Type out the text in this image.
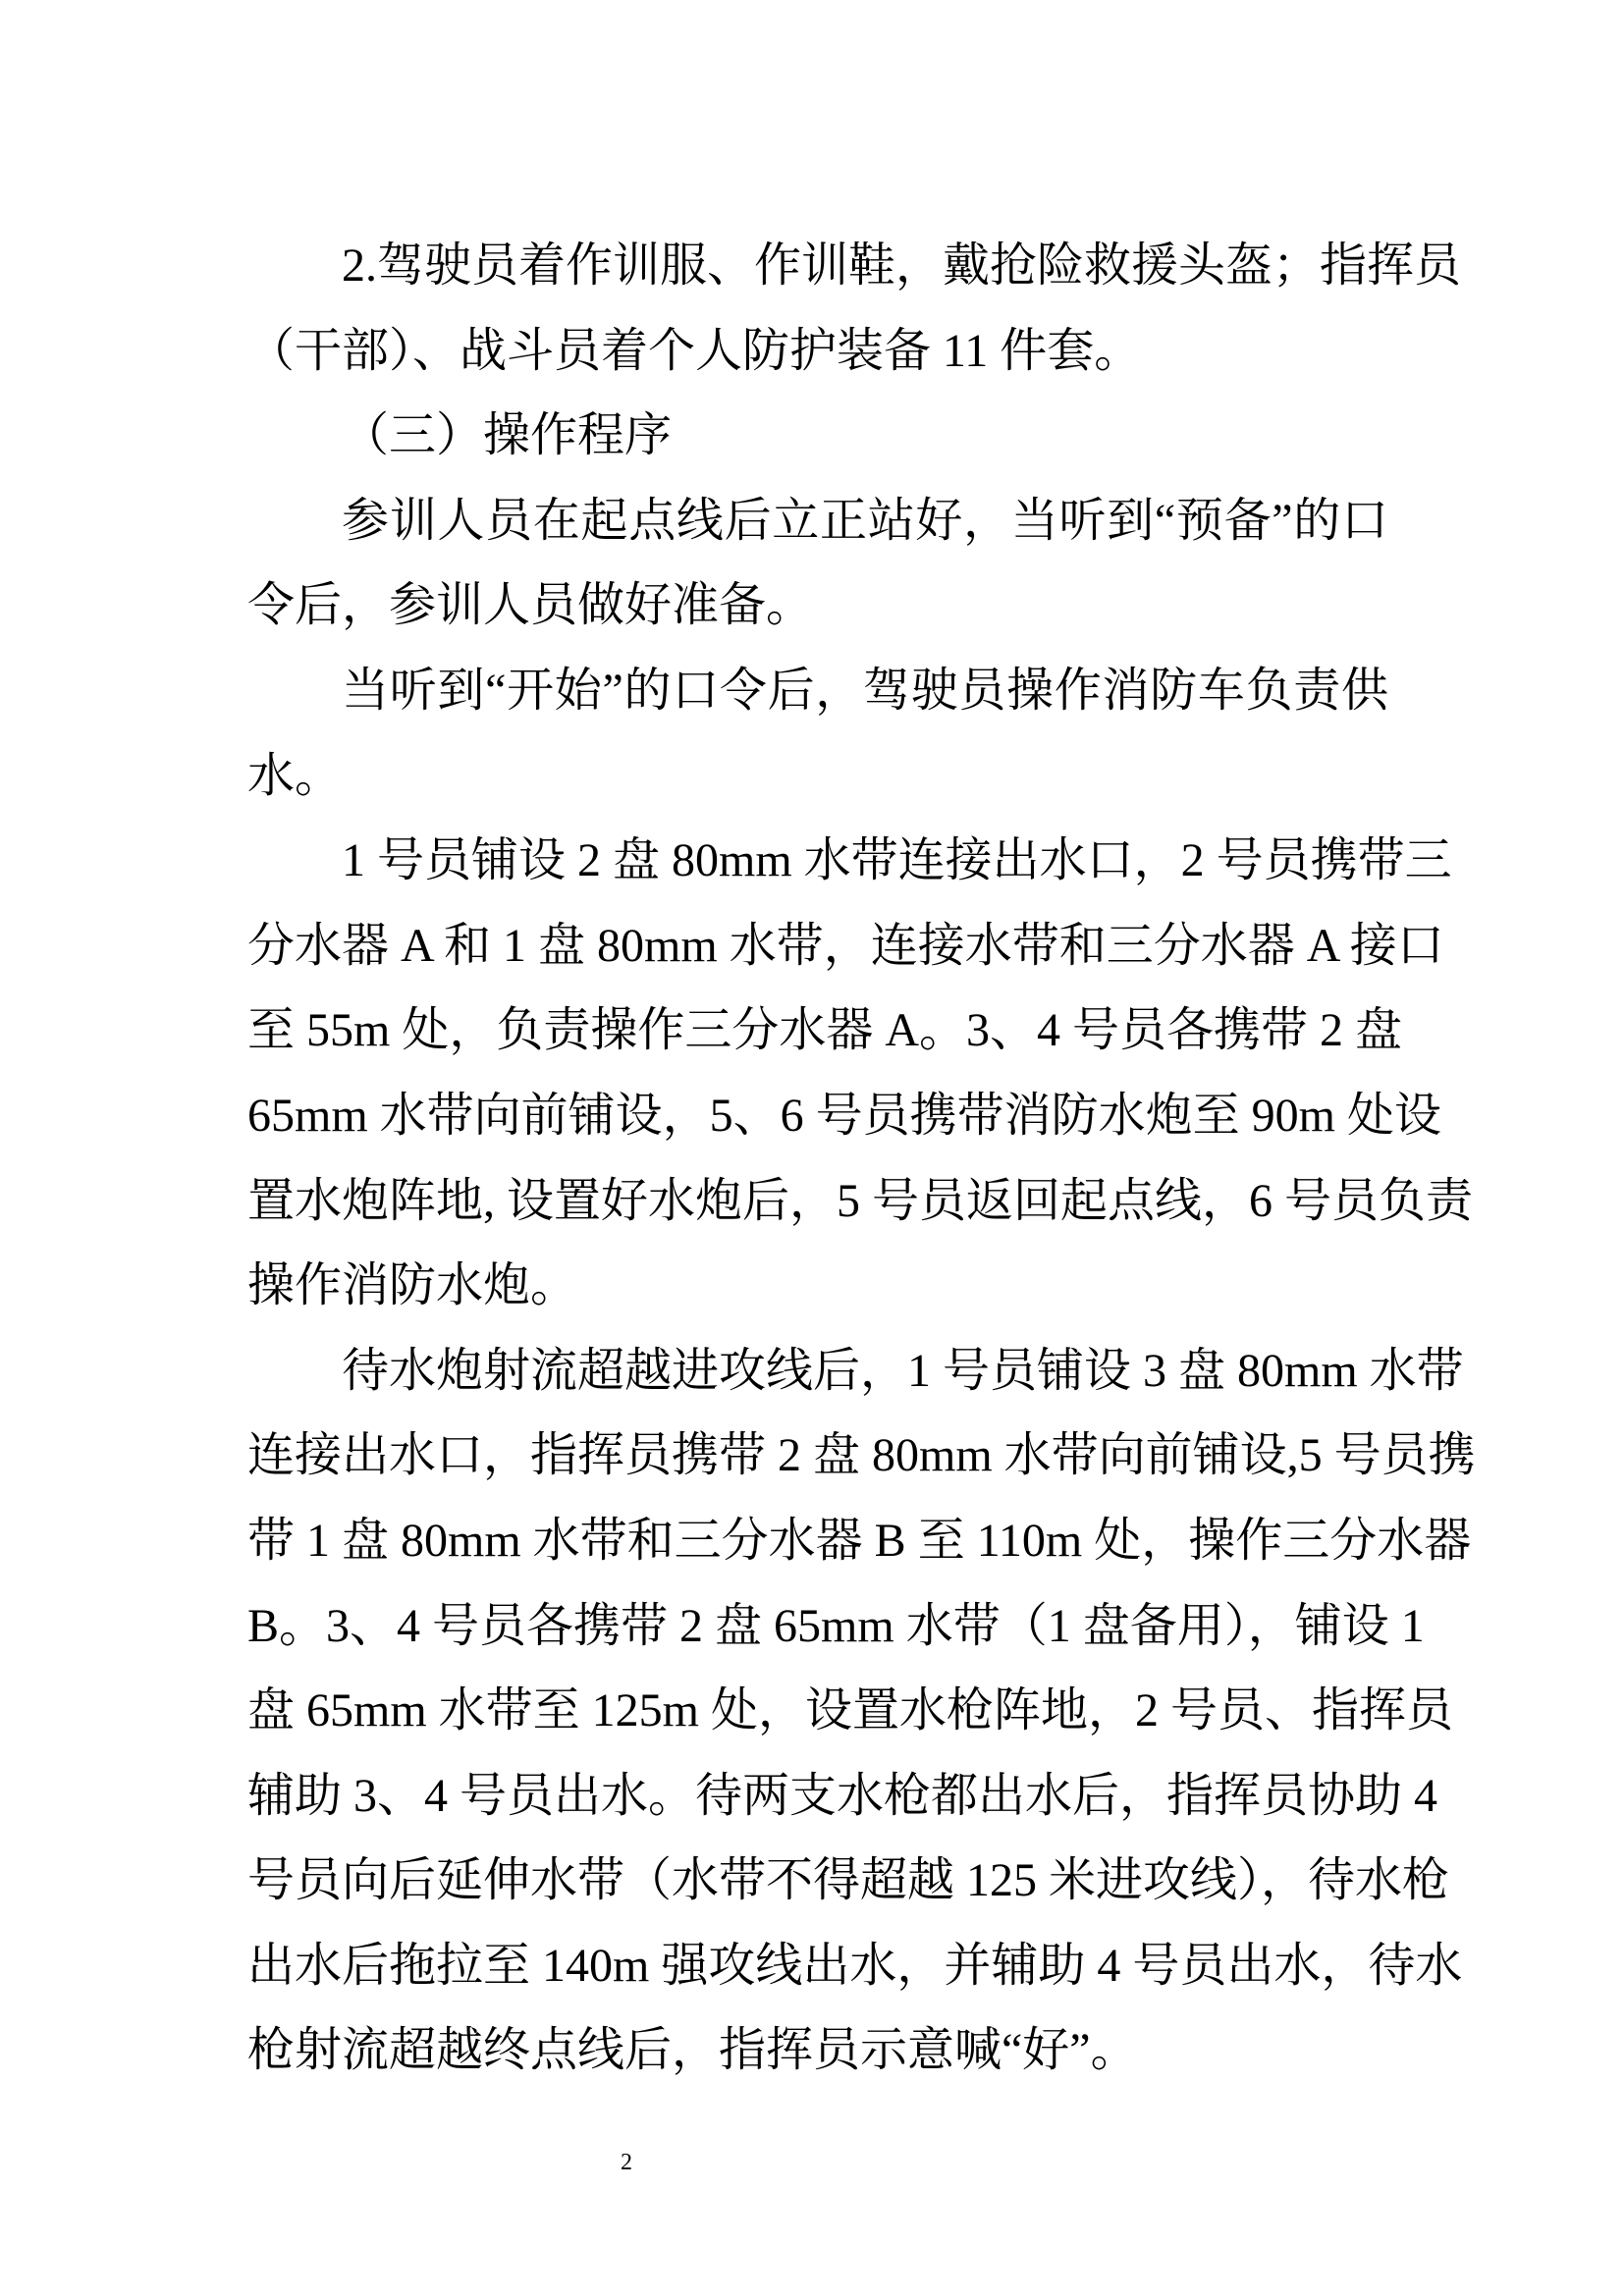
2.驾驶员着作训服、作训鞋，戴抢险救援头盔；指挥员
（干部）、战斗员着个人防护装备 11 件套。
（三）操作程序
参训人员在起点线后立正站好，当听到“预备”的口
令后，参训人员做好准备。
当听到“开始”的口令后，驾驶员操作消防车负责供
水。
1 号员铺设 2 盘 80mm 水带连接出水口，2 号员携带三
分水器 A 和 1 盘 80mm 水带，连接水带和三分水器 A 接口
至 55m 处，负责操作三分水器 A。3、4 号员各携带 2 盘
65mm 水带向前铺设，5、6 号员携带消防水炮至 90m 处设
置水炮阵地, 设置好水炮后，5 号员返回起点线，6 号员负责
操作消防水炮。
待水炮射流超越进攻线后，1 号员铺设 3 盘 80mm 水带
连接出水口，指挥员携带 2 盘 80mm 水带向前铺设,5 号员携
带 1 盘 80mm 水带和三分水器 B 至 110m 处，操作三分水器
B。3、4 号员各携带 2 盘 65mm 水带（1 盘备用），铺设 1
盘 65mm 水带至 125m 处，设置水枪阵地，2 号员、指挥员
辅助 3、4 号员出水。待两支水枪都出水后，指挥员协助 4
号员向后延伸水带（水带不得超越 125 米进攻线），待水枪
出水后拖拉至 140m 强攻线出水，并辅助 4 号员出水，待水
枪射流超越终点线后，指挥员示意喊“好”。
2
